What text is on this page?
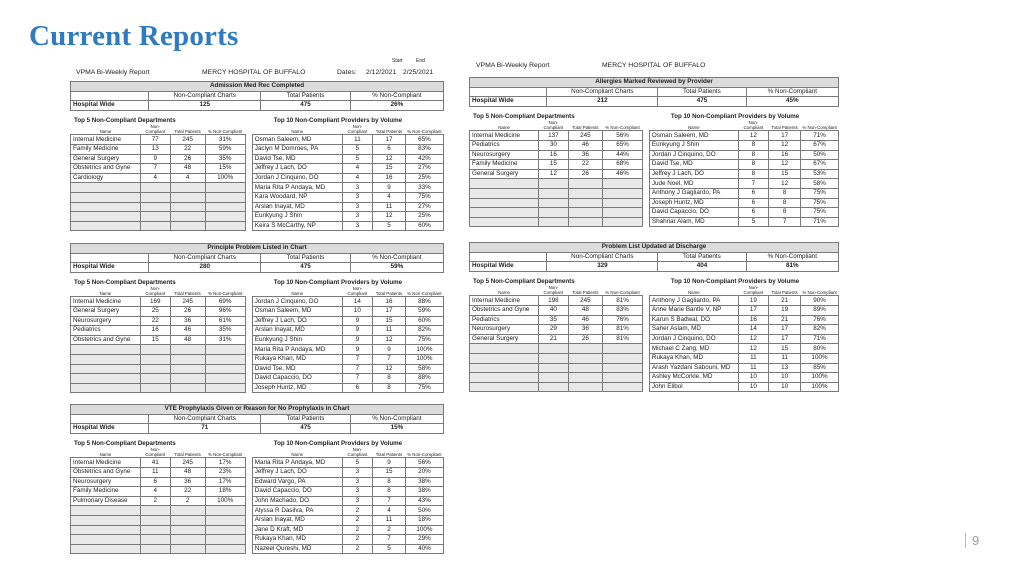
Current Reports
VPMA Bi-Weekly Report	MERCY HOSPITAL OF BUFFALO	Dates:
Start	End
2/12/2021 2/25/2021
VPMA Bi-Weekly Report	MERCY HOSPITAL OF BUFFALO
Admission Med Rec Completed			
	Non-Compliant Charts	Total Patients	% Non-Compliant
Hospital Wide	125	475	26%
Top 5 Non-Compliant Departments	Top 10 Non-Compliant Providers by Volume
Name	Non-Compliant	Total Patients	% Non-Compliant
Internal Medicine	77	245	31%
Family Medicine	13	22	59%
General Surgery	9	26	35%
Obstetrics and Gyne	7	48	15%
Cardiology	4	4	100%

Name	Non-Compliant	Total Patients	% Non-Compliant
Osman Saleem, MD	11	17	65%
Jaclyn M Domroes, PA	5	6	83%
David Tse, MD	5	12	42%
Jeffrey J Lach, DO	4	15	27%
Jordan J Cinquino, DO	4	16	25%
Maria Rita P Andaya, MD	3	9	33%
Kara Woodard, NP	3	4	75%
Arslan Inayat, MD	3	11	27%
Eunkyung J Shin	3	12	25%
Keira S McCarthy, NP	3	5	60%
Principle Problem Listed in Chart			
	Non-Compliant Charts	Total Patients	% Non-Compliant
Hospital Wide	280	475	59%
Top 5 Non-Compliant Departments	Top 10 Non-Compliant Providers by Volume
Name	Non-Compliant	Total Patients	% Non-Compliant
Internal Medicine	169	245	69%
General Surgery	25	26	96%
Neurosurgery	22	36	61%
Pediatrics	16	46	35%
Obstetrics and Gyne	15	48	31%

Name	Non-Compliant	Total Patients	% Non-Compliant
Jordan J Cinquino, DO	14	16	88%
Osman Saleem, MD	10	17	59%
Jeffrey J Lach, DO	9	15	60%
Arslan Inayat, MD	9	11	82%
Eunkyung J Shin	9	12	75%
Maria Rita P Andaya, MD	9	9	100%
Rukaya Khan, MD	7	7	100%
David Tse, MD	7	12	58%
David Capaccio, DO	7	8	88%
Joseph Huntz, MD	6	8	75%
VTE Prophylaxis Given or Reason for No Prophylaxis in Chart			
	Non-Compliant Charts	Total Patients	% Non-Compliant
Hospital Wide	71	475	15%
Top 5 Non-Compliant Departments	Top 10 Non-Compliant Providers by Volume
Name	Non-Compliant	Total Patients	% Non-Compliant
Internal Medicine	41	245	17%
Obstetrics and Gyne	11	48	23%
Neurosurgery	6	36	17%
Family Medicine	4	22	18%
Pulmonary Disease	2	2	100%

Name	Non-Compliant	Total Patients	% Non-Compliant
Maria Rita P Andaya, MD	5	9	56%
Jeffrey J Lach, DO	3	15	20%
Edward Vargo, PA	3	8	38%
David Capaccio, DO	3	8	38%
John Machado, DO	3	7	43%
Alyssa R Dasilva, PA	2	4	50%
Arslan Inayat, MD	2	11	18%
Jane D Kraft, MD	2	2	100%
Rukaya Khan, MD	2	7	29%
Nazeel Qureshi, MD	2	5	40%
Allergies Marked Reviewed by Provider			
	Non-Compliant Charts	Total Patients	% Non-Compliant
Hospital Wide	212	475	45%
Top 5 Non-Compliant Departments	Top 10 Non-Compliant Providers by Volume
Name	Non-Compliant	Total Patients	% Non-Compliant
Internal Medicine	137	245	56%
Pediatrics	30	46	65%
Neurosurgery	16	36	44%
Family Medicine	15	22	68%
General Surgery	12	26	46%

Name	Non-Compliant	Total Patients	% Non-Compliant
Osman Saleem, MD	12	17	71%
Eunkyung J Shin	8	12	67%
Jordan J Cinquino, DO	8	16	50%
David Tse, MD	8	12	67%
Jeffrey J Lach, DO	8	15	53%
Jude Noel, MD	7	12	58%
Anthony J Gagliardo, PA	6	8	75%
Joseph Huntz, MD	6	8	75%
David Capaccio, DO	6	8	75%
Shahriar Alam, MD	5	7	71%
Problem List Updated at Discharge			
	Non-Compliant Charts	Total Patients	% Non-Compliant
Hospital Wide	329	404	81%
Top 5 Non-Compliant Departments	Top 10 Non-Compliant Providers by Volume
Name	Non-Compliant	Total Patients	% Non-Compliant
Internal Medicine	198	245	81%
Obstetrics and Gyne	40	48	83%
Pediatrics	35	46	76%
Neurosurgery	29	36	81%
General Surgery	21	26	81%

Name	Non-Compliant	Total Patients	% Non-Compliant
Anthony J Gagliardo, PA	19	21	90%
Anne Marie Bantle V, NP	17	19	89%
Karun S Badwal, DO	16	21	76%
Saher Aslam, MD	14	17	82%
Jordan J Cinquino, DO	12	17	71%
Michael C Zang, MD	12	15	80%
Rukaya Khan, MD	11	11	100%
Arash Yazdani Sabouni, MD	11	13	85%
Ashley McCorkle, MD	10	10	100%
John Elibol	10	10	100%
9
